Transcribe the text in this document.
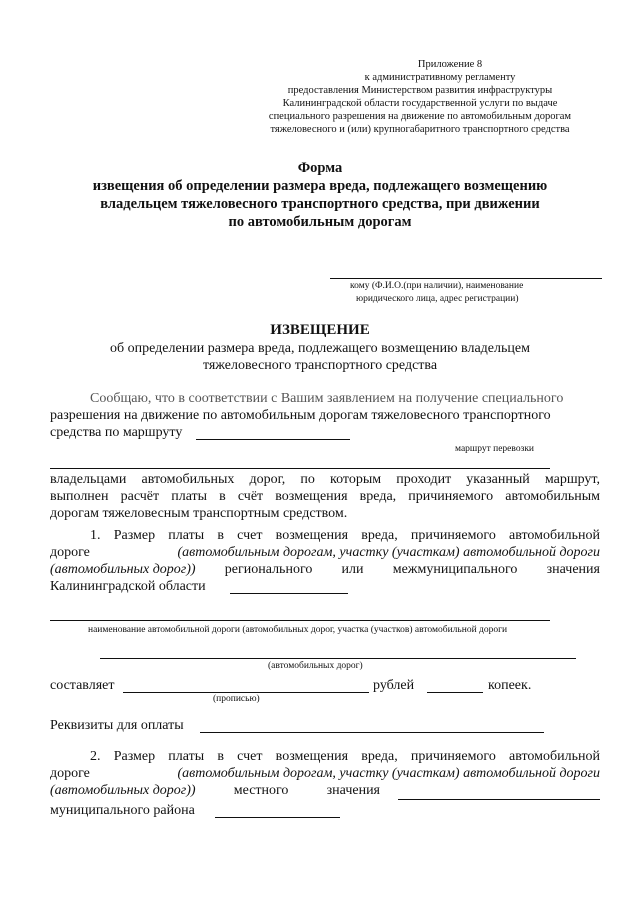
Приложение 8
к административному регламенту
предоставления Министерством развития инфраструктуры
Калининградской области государственной услуги по выдаче
специального разрешения на движение по автомобильным дорогам
тяжеловесного и (или) крупногабаритного транспортного средства
Форма
извещения об определении размера вреда, подлежащего возмещению
владельцем тяжеловесного транспортного средства, при движении
по автомобильным дорогам
кому (Ф.И.О.(при наличии), наименование
юридического лица, адрес регистрации)
ИЗВЕЩЕНИЕ
об определении размера вреда, подлежащего возмещению владельцем
тяжеловесного транспортного средства
Сообщаю, что в соответствии с Вашим заявлением на получение специального
разрешения на движение по автомобильным дорогам тяжеловесного транспортного
средства по маршруту
маршрут перевозки
владельцами автомобильных дорог, по которым проходит указанный маршрут,
выполнен расчёт платы в счёт возмещения вреда, причиняемого автомобильным
дорогам тяжеловесным транспортным средством.
1. Размер платы в счет возмещения вреда, причиняемого автомобильной
дороге	(автомобильным дорогам, участку (участкам) автомобильной дороги
(автомобильных дорог)) регионального или межмуниципального значения
Калининградской области
наименование автомобильной дороги (автомобильных дорог, участка (участков) автомобильной дороги
(автомобильных дорог)
составляет	рублей	копеек.
(прописью)
Реквизиты для оплаты
2. Размер платы в счет возмещения вреда, причиняемого автомобильной
дороге	(автомобильным дорогам, участку (участкам) автомобильной дороги
(автомобильных дорог))	местного	значения
муниципального района
